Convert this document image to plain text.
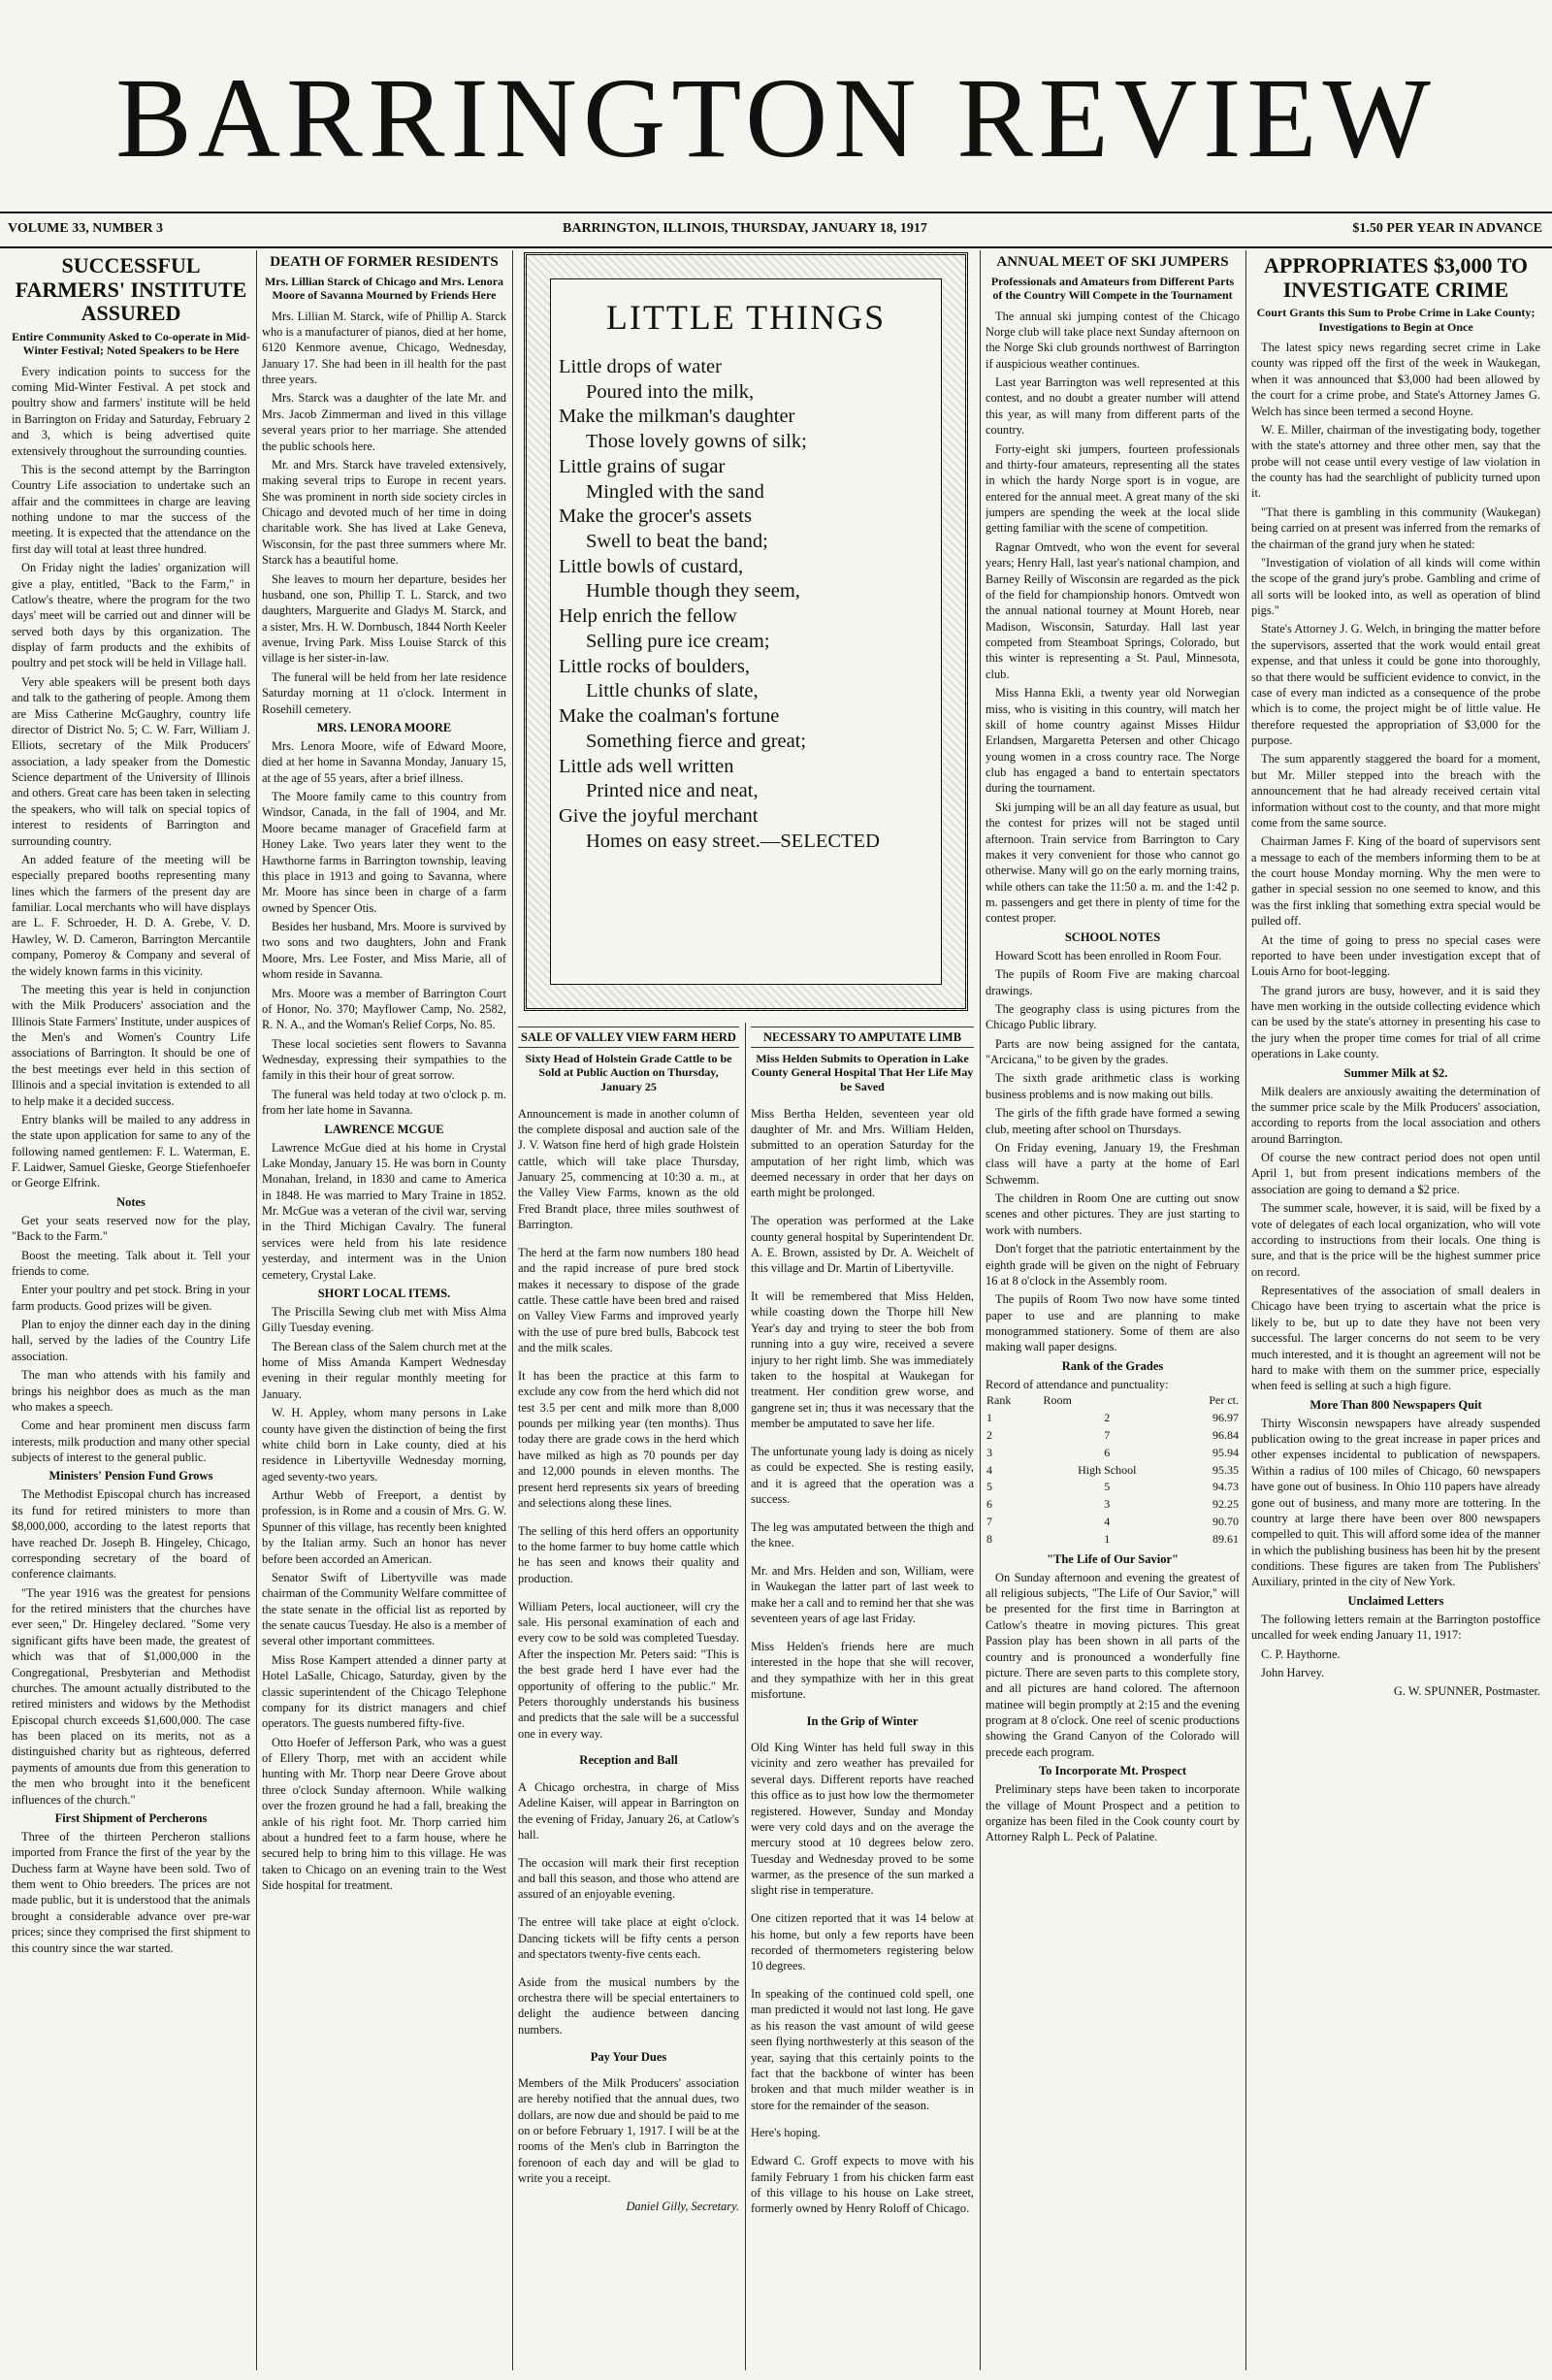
BARRINGTON REVIEW
VOLUME 33, NUMBER 3	BARRINGTON, ILLINOIS, THURSDAY, JANUARY 18, 1917	$1.50 PER YEAR IN ADVANCE
SUCCESSFUL FARMERS' INSTITUTE ASSURED
Entire Community Asked to Co-operate in Mid-Winter Festival; Noted Speakers to be Here

Every indication points to success for the coming Mid-Winter Festival. A pet stock and poultry show and farmers' institute will be held in Barrington on Friday and Saturday, February 2 and 3, which is being advertised quite extensively throughout the surrounding counties.

This is the second attempt by the Barrington Country Life association to undertake such an affair and the committees in charge are leaving nothing undone to mar the success of the meeting. It is expected that the attendance on the first day will total at least three hundred.

On Friday night the ladies' organization will give a play, entitled, "Back to the Farm," in Catlow's theatre, where the program for the two days' meet will be carried out and dinner will be served both days by this organization. The display of farm products and the exhibits of poultry and pet stock will be held in Village hall.

Very able speakers will be present both days and talk to the gathering of people. Among them are Miss Catherine McGaughry, country life director of District No. 5; C. W. Farr, William J. Elliots, secretary of the Milk Producers' association, a lady speaker from the Domestic Science department of the University of Illinois and others. Great care has been taken in selecting the speakers, who will talk on special topics of interest to residents of Barrington and surrounding country.

An added feature of the meeting will be especially prepared booths representing many lines which the farmers of the present day are familiar. Local merchants who will have displays are L. F. Schroeder, H. D. A. Grebe, V. D. Hawley, W. D. Cameron, Barrington Mercantile company, Pomeroy & Company and several of the widely known farms in this vicinity.

The meeting this year is held in conjunction with the Milk Producers' association and the Illinois State Farmers' Institute, under auspices of the Men's and Women's Country Life associations of Barrington. It should be one of the best meetings ever held in this section of Illinois and a special invitation is extended to all to help make it a decided success.

Entry blanks will be mailed to any address in the state upon application for same to any of the following named gentlemen: F. L. Waterman, E. F. Laidwer, Samuel Gieske, George Stiefenhoefer or George Elfrink.

Notes

Get your seats reserved now for the play, "Back to the Farm."

Boost the meeting. Talk about it. Tell your friends to come.

Enter your poultry and pet stock. Bring in your farm products. Good prizes will be given.

Plan to enjoy the dinner each day in the dining hall, served by the ladies of the Country Life association.

The man who attends with his family and brings his neighbor does as much as the man who makes a speech.

Come and hear prominent men discuss farm interests, milk production and many other special subjects of interest to the general public.

Ministers' Pension Fund Grows

The Methodist Episcopal church has increased its fund for retired ministers to more than $8,000,000, according to the latest reports that have reached Dr. Joseph B. Hingeley, Chicago, corresponding secretary of the board of conference claimants.

"The year 1916 was the greatest for pensions for the retired ministers that the churches have ever seen," Dr. Hingeley declared. "Some very significant gifts have been made, the greatest of which was that of $1,000,000 in the Congregational, Presbyterian and Methodist churches. The amount actually distributed to the retired ministers and widows by the Methodist Episcopal church exceeds $1,600,000. The case has been placed on its merits, not as a distinguished charity but as righteous, deferred payments of amounts due from this generation to the men who brought into it the beneficent influences of the church."

First Shipment of Percherons

Three of the thirteen Percheron stallions imported from France the first of the year by the Duchess farm at Wayne have been sold. Two of them went to Ohio breeders. The prices are not made public, but it is understood that the animals brought a considerable advance over pre-war prices; since they comprised the first shipment to this country since the war started.

DEATH OF FORMER RESIDENTS
Mrs. Lillian Starck of Chicago and Mrs. Lenora Moore of Savanna Mourned by Friends Here

Mrs. Lillian M. Starck, wife of Phillip A. Starck who is a manufacturer of pianos, died at her home, 6120 Kenmore avenue, Chicago, Wednesday, January 17. She had been in ill health for the past three years.

Mrs. Starck was a daughter of the late Mr. and Mrs. Jacob Zimmerman and lived in this village several years prior to her marriage. She attended the public schools here.

Mr. and Mrs. Starck have traveled extensively, making several trips to Europe in recent years. She was prominent in north side society circles in Chicago and devoted much of her time in doing charitable work. She has lived at Lake Geneva, Wisconsin, for the past three summers where Mr. Starck has a beautiful home.

She leaves to mourn her departure, besides her husband, one son, Phillip T. L. Starck, and two daughters, Marguerite and Gladys M. Starck, and a sister, Mrs. H. W. Dornbusch, 1844 North Keeler avenue, Irving Park. Miss Louise Starck of this village is her sister-in-law.

The funeral will be held from her late residence Saturday morning at 11 o'clock. Interment in Rosehill cemetery.

MRS. LENORA MOORE

Mrs. Lenora Moore, wife of Edward Moore, died at her home in Savanna Monday, January 15, at the age of 55 years, after a brief illness.

The Moore family came to this country from Windsor, Canada, in the fall of 1904, and Mr. Moore became manager of Gracefield farm at Honey Lake. Two years later they went to the Hawthorne farms in Barrington township, leaving this place in 1913 and going to Savanna, where Mr. Moore has since been in charge of a farm owned by Spencer Otis.

Besides her husband, Mrs. Moore is survived by two sons and two daughters, John and Frank Moore, Mrs. Lee Foster, and Miss Marie, all of whom reside in Savanna.

Mrs. Moore was a member of Barrington Court of Honor, No. 370; Mayflower Camp, No. 2582, R. N. A., and the Woman's Relief Corps, No. 85.

These local societies sent flowers to Savanna Wednesday, expressing their sympathies to the family in this their hour of great sorrow.

The funeral was held today at two o'clock p. m. from her late home in Savanna.

LAWRENCE MCGUE

Lawrence McGue died at his home in Crystal Lake Monday, January 15. He was born in County Monahan, Ireland, in 1830 and came to America in 1848. He was married to Mary Traine in 1852. Mr. McGue was a veteran of the civil war, serving in the Third Michigan Cavalry. The funeral services were held from his late residence yesterday, and interment was in the Union cemetery, Crystal Lake.

SHORT LOCAL ITEMS.

The Priscilla Sewing club met with Miss Alma Gilly Tuesday evening.

The Berean class of the Salem church met at the home of Miss Amanda Kampert Wednesday evening in their regular monthly meeting for January.

W. H. Appley, whom many persons in Lake county have given the distinction of being the first white child born in Lake county, died at his residence in Libertyville Wednesday morning, aged seventy-two years.

Arthur Webb of Freeport, a dentist by profession, is in Rome and a cousin of Mrs. G. W. Spunner of this village, has recently been knighted by the Italian army. Such an honor has never before been accorded an American.

Senator Swift of Libertyville was made chairman of the Community Welfare committee of the state senate in the official list as reported by the senate caucus Tuesday. He also is a member of several other important committees.

Miss Rose Kampert attended a dinner party at Hotel LaSalle, Chicago, Saturday, given by the classic superintendent of the Chicago Telephone company for its district managers and chief operators. The guests numbered fifty-five.

Otto Hoefer of Jefferson Park, who was a guest of Ellery Thorp, met with an accident while hunting with Mr. Thorp near Deere Grove about three o'clock Sunday afternoon. While walking over the frozen ground he had a fall, breaking the ankle of his right foot. Mr. Thorp carried him about a hundred feet to a farm house, where he secured help to bring him to this village. He was taken to Chicago on an evening train to the West Side hospital for treatment.

LITTLE THINGS
Little drops of water
Poured into the milk,
Make the milkman's daughter
Those lovely gowns of silk;
Little grains of sugar
Mingled with the sand
Make the grocer's assets
Swell to beat the band;
Little bowls of custard,
Humble though they seem,
Help enrich the fellow
Selling pure ice cream;
Little rocks of boulders,
Little chunks of slate,
Make the coalman's fortune
Something fierce and great;
Little ads well written
Printed nice and neat,
Give the joyful merchant
Homes on easy street.—SELECTED
SALE OF VALLEY VIEW FARM HERD
Sixty Head of Holstein Grade Cattle to be Sold at Public Auction on Thursday, January 25

Announcement is made in another column of the complete disposal and auction sale of the J. V. Watson fine herd of high grade Holstein cattle, which will take place Thursday, January 25, commencing at 10:30 a. m., at the Valley View Farms, known as the old Fred Brandt place, three miles southwest of Barrington.

The herd at the farm now numbers 180 head and the rapid increase of pure bred stock makes it necessary to dispose of the grade cattle. These cattle have been bred and raised on Valley View Farms and improved yearly with the use of pure bred bulls, Babcock test and the milk scales.

It has been the practice at this farm to exclude any cow from the herd which did not test 3.5 per cent and milk more than 8,000 pounds per milking year (ten months). Thus today there are grade cows in the herd which have milked as high as 70 pounds per day and 12,000 pounds in eleven months. The present herd represents six years of breeding and selections along these lines.

The selling of this herd offers an opportunity to the home farmer to buy home cattle which he has seen and knows their quality and production.

William Peters, local auctioneer, will cry the sale. His personal examination of each and every cow to be sold was completed Tuesday. After the inspection Mr. Peters said: "This is the best grade herd I have ever had the opportunity of offering to the public." Mr. Peters thoroughly understands his business and predicts that the sale will be a successful one in every way.

Reception and Ball

A Chicago orchestra, in charge of Miss Adeline Kaiser, will appear in Barrington on the evening of Friday, January 26, at Catlow's hall.

The occasion will mark their first reception and ball this season, and those who attend are assured of an enjoyable evening.

The entree will take place at eight o'clock. Dancing tickets will be fifty cents a person and spectators twenty-five cents each.

Aside from the musical numbers by the orchestra there will be special entertainers to delight the audience between dancing numbers.

Pay Your Dues

Members of the Milk Producers' association are hereby notified that the annual dues, two dollars, are now due and should be paid to me on or before February 1, 1917. I will be at the rooms of the Men's club in Barrington the forenoon of each day and will be glad to write you a receipt.

Daniel Gilly, Secretary.
NECESSARY TO AMPUTATE LIMB
Miss Helden Submits to Operation in Lake County General Hospital That Her Life May be Saved

Miss Bertha Helden, seventeen year old daughter of Mr. and Mrs. William Helden, submitted to an operation Saturday for the amputation of her right limb, which was deemed necessary in order that her days on earth might be prolonged.

The operation was performed at the Lake county general hospital by Superintendent Dr. A. E. Brown, assisted by Dr. A. Weichelt of this village and Dr. Martin of Libertyville.

It will be remembered that Miss Helden, while coasting down the Thorpe hill New Year's day and trying to steer the bob from running into a guy wire, received a severe injury to her right limb. She was immediately taken to the hospital at Waukegan for treatment. Her condition grew worse, and gangrene set in; thus it was necessary that the member be amputated to save her life.

The unfortunate young lady is doing as nicely as could be expected. She is resting easily, and it is agreed that the operation was a success.

The leg was amputated between the thigh and the knee.

Mr. and Mrs. Helden and son, William, were in Waukegan the latter part of last week to make her a call and to remind her that she was seventeen years of age last Friday.

Miss Helden's friends here are much interested in the hope that she will recover, and they sympathize with her in this great misfortune.

In the Grip of Winter

Old King Winter has held full sway in this vicinity and zero weather has prevailed for several days. Different reports have reached this office as to just how low the thermometer registered. However, Sunday and Monday were very cold days and on the average the mercury stood at 10 degrees below zero. Tuesday and Wednesday proved to be some warmer, as the presence of the sun marked a slight rise in temperature.

One citizen reported that it was 14 below at his home, but only a few reports have been recorded of thermometers registering below 10 degrees.

In speaking of the continued cold spell, one man predicted it would not last long. He gave as his reason the vast amount of wild geese seen flying northwesterly at this season of the year, saying that this certainly points to the fact that the backbone of winter has been broken and that much milder weather is in store for the remainder of the season.

Here's hoping.

Edward C. Groff expects to move with his family February 1 from his chicken farm east of this village to his house on Lake street, formerly owned by Henry Roloff of Chicago.

ANNUAL MEET OF SKI JUMPERS
Professionals and Amateurs from Different Parts of the Country Will Compete in the Tournament

The annual ski jumping contest of the Chicago Norge club will take place next Sunday afternoon on the Norge Ski club grounds northwest of Barrington if auspicious weather continues.

Last year Barrington was well represented at this contest, and no doubt a greater number will attend this year, as will many from different parts of the country.

Forty-eight ski jumpers, fourteen professionals and thirty-four amateurs, representing all the states in which the hardy Norge sport is in vogue, are entered for the annual meet. A great many of the ski jumpers are spending the week at the local slide getting familiar with the scene of competition.

Ragnar Omtvedt, who won the event for several years; Henry Hall, last year's national champion, and Barney Reilly of Wisconsin are regarded as the pick of the field for championship honors. Omtvedt won the annual national tourney at Mount Horeb, near Madison, Wisconsin, Saturday. Hall last year competed from Steamboat Springs, Colorado, but this winter is representing a St. Paul, Minnesota, club.

Miss Hanna Ekli, a twenty year old Norwegian miss, who is visiting in this country, will match her skill of home country against Misses Hildur Erlandsen, Margaretta Petersen and other Chicago young women in a cross country race. The Norge club has engaged a band to entertain spectators during the tournament.

Ski jumping will be an all day feature as usual, but the contest for prizes will not be staged until afternoon. Train service from Barrington to Cary makes it very convenient for those who cannot go otherwise. Many will go on the early morning trains, while others can take the 11:50 a. m. and the 1:42 p. m. passengers and get there in plenty of time for the contest proper.

SCHOOL NOTES

Howard Scott has been enrolled in Room Four.

The pupils of Room Five are making charcoal drawings.

The geography class is using pictures from the Chicago Public library.

Parts are now being assigned for the cantata, "Arcicana," to be given by the grades.

The sixth grade arithmetic class is working business problems and is now making out bills.

The girls of the fifth grade have formed a sewing club, meeting after school on Thursdays.

On Friday evening, January 19, the Freshman class will have a party at the home of Earl Schwemm.

The children in Room One are cutting out snow scenes and other pictures. They are just starting to work with numbers.

Don't forget that the patriotic entertainment by the eighth grade will be given on the night of February 16 at 8 o'clock in the Assembly room.

The pupils of Room Two now have some tinted paper to use and are planning to make monogrammed stationery. Some of them are also making wall paper designs.

Rank of the Grades
Record of attendance and punctuality:
Rank	Room	Per ct.
1	2	96.97
2	7	96.84
3	6	95.94
4	High School	95.35
5	5	94.73
6	3	92.25
7	4	90.70
8	1	89.61
"The Life of Our Savior"

On Sunday afternoon and evening the greatest of all religious subjects, "The Life of Our Savior," will be presented for the first time in Barrington at Catlow's theatre in moving pictures. This great Passion play has been shown in all parts of the country and is pronounced a wonderfully fine picture. There are seven parts to this complete story, and all pictures are hand colored. The afternoon matinee will begin promptly at 2:15 and the evening program at 8 o'clock. One reel of scenic productions showing the Grand Canyon of the Colorado will precede each program.

To Incorporate Mt. Prospect

Preliminary steps have been taken to incorporate the village of Mount Prospect and a petition to organize has been filed in the Cook county court by Attorney Ralph L. Peck of Palatine.

APPROPRIATES $3,000 TO INVESTIGATE CRIME
Court Grants this Sum to Probe Crime in Lake County; Investigations to Begin at Once

The latest spicy news regarding secret crime in Lake county was ripped off the first of the week in Waukegan, when it was announced that $3,000 had been allowed by the court for a crime probe, and State's Attorney James G. Welch has since been termed a second Hoyne.

W. E. Miller, chairman of the investigating body, together with the state's attorney and three other men, say that the probe will not cease until every vestige of law violation in the county has had the searchlight of publicity turned upon it.

"That there is gambling in this community (Waukegan) being carried on at present was inferred from the remarks of the chairman of the grand jury when he stated:

"Investigation of violation of all kinds will come within the scope of the grand jury's probe. Gambling and crime of all sorts will be looked into, as well as operation of blind pigs."

State's Attorney J. G. Welch, in bringing the matter before the supervisors, asserted that the work would entail great expense, and that unless it could be gone into thoroughly, so that there would be sufficient evidence to convict, in the case of every man indicted as a consequence of the probe which is to come, the project might be of little value. He therefore requested the appropriation of $3,000 for the purpose.

The sum apparently staggered the board for a moment, but Mr. Miller stepped into the breach with the announcement that he had already received certain vital information without cost to the county, and that more might come from the same source.

Chairman James F. King of the board of supervisors sent a message to each of the members informing them to be at the court house Monday morning. Why the men were to gather in special session no one seemed to know, and this was the first inkling that something extra special would be pulled off.

At the time of going to press no special cases were reported to have been under investigation except that of Louis Arno for boot-legging.

The grand jurors are busy, however, and it is said they have men working in the outside collecting evidence which can be used by the state's attorney in presenting his case to the jury when the proper time comes for trial of all crime operations in Lake county.

Summer Milk at $2.

Milk dealers are anxiously awaiting the determination of the summer price scale by the Milk Producers' association, according to reports from the local association and others around Barrington.

Of course the new contract period does not open until April 1, but from present indications members of the association are going to demand a $2 price.

The summer scale, however, it is said, will be fixed by a vote of delegates of each local organization, who will vote according to instructions from their locals. One thing is sure, and that is the price will be the highest summer price on record.

Representatives of the association of small dealers in Chicago have been trying to ascertain what the price is likely to be, but up to date they have not been very successful. The larger concerns do not seem to be very much interested, and it is thought an agreement will not be hard to make with them on the summer price, especially when feed is selling at such a high figure.

More Than 800 Newspapers Quit

Thirty Wisconsin newspapers have already suspended publication owing to the great increase in paper prices and other expenses incidental to publication of newspapers. Within a radius of 100 miles of Chicago, 60 newspapers have gone out of business. In Ohio 110 papers have already gone out of business, and many more are tottering. In the country at large there have been over 800 newspapers compelled to quit. This will afford some idea of the manner in which the publishing business has been hit by the present conditions. These figures are taken from The Publishers' Auxiliary, printed in the city of New York.

Unclaimed Letters

The following letters remain at the Barrington postoffice uncalled for week ending January 11, 1917:

C. P. Haythorne.

John Harvey.

G. W. SPUNNER, Postmaster.
